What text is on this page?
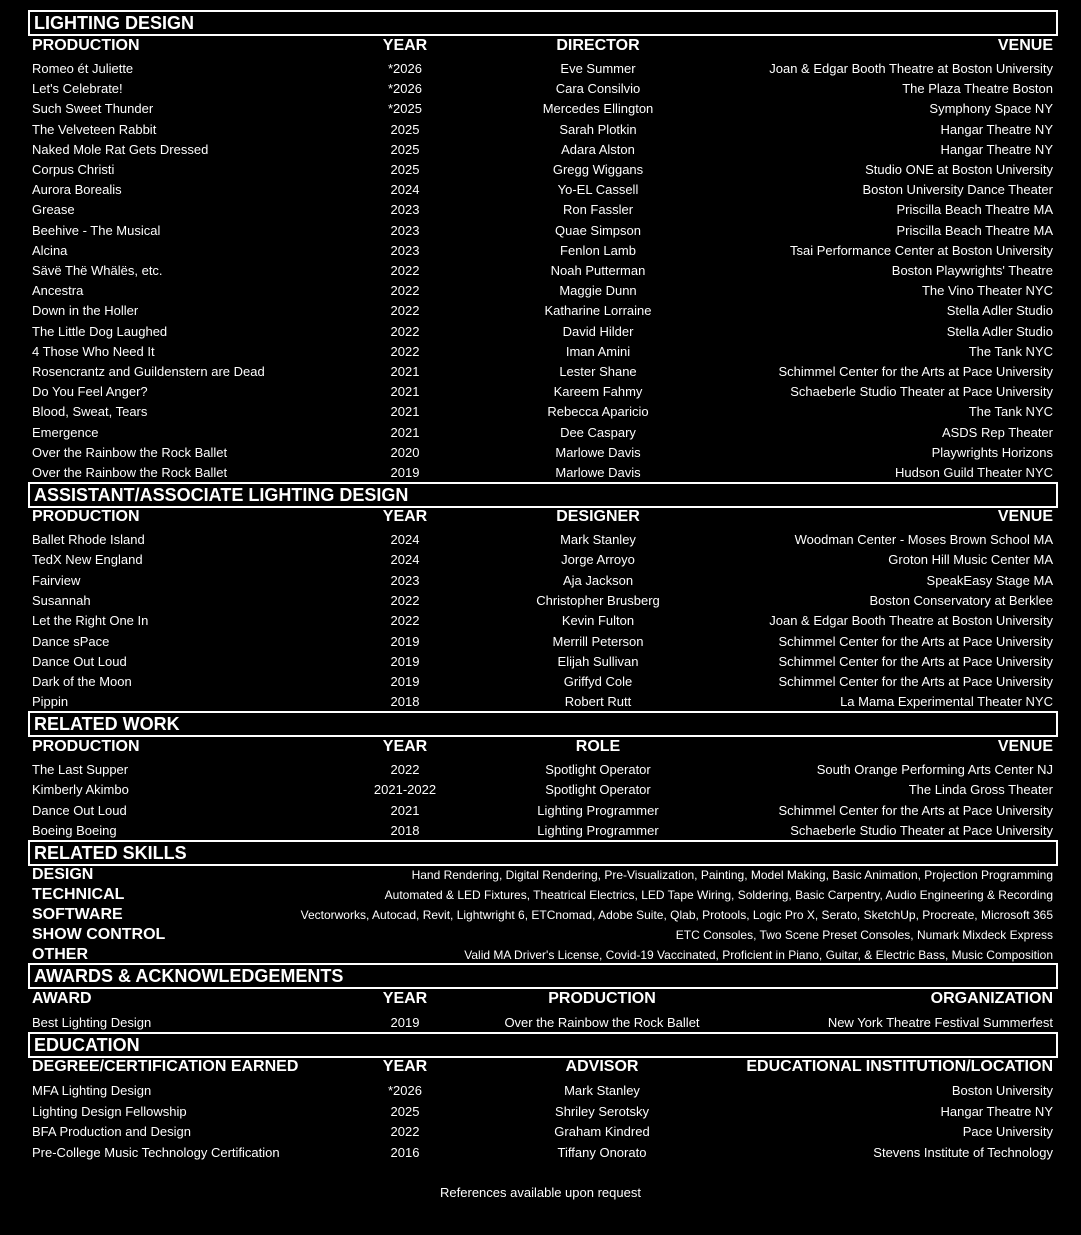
LIGHTING DESIGN
PRODUCTION	YEAR	DIRECTOR	VENUE
Romeo ét Juliette	*2026	Eve Summer	Joan & Edgar Booth Theatre at Boston University
Let's Celebrate!	*2026	Cara Consilvio	The Plaza Theatre Boston
Such Sweet Thunder	*2025	Mercedes Ellington	Symphony Space NY
The Velveteen Rabbit	2025	Sarah Plotkin	Hangar Theatre NY
Naked Mole Rat Gets Dressed	2025	Adara Alston	Hangar Theatre NY
Corpus Christi	2025	Gregg Wiggans	Studio ONE at Boston University
Aurora Borealis	2024	Yo-EL Cassell	Boston University Dance Theater
Grease	2023	Ron Fassler	Priscilla Beach Theatre MA
Beehive - The Musical	2023	Quae Simpson	Priscilla Beach Theatre MA
Alcina	2023	Fenlon Lamb	Tsai Performance Center at Boston University
Sävë Thë Whälës, etc.	2022	Noah Putterman	Boston Playwrights' Theatre
Ancestra	2022	Maggie Dunn	The Vino Theater NYC
Down in the Holler	2022	Katharine Lorraine	Stella Adler Studio
The Little Dog Laughed	2022	David Hilder	Stella Adler Studio
4 Those Who Need It	2022	Iman Amini	The Tank NYC
Rosencrantz and Guildenstern are Dead	2021	Lester Shane	Schimmel Center for the Arts at Pace University
Do You Feel Anger?	2021	Kareem Fahmy	Schaeberle Studio Theater at Pace University
Blood, Sweat, Tears	2021	Rebecca Aparicio	The Tank NYC
Emergence	2021	Dee Caspary	ASDS Rep Theater
Over the Rainbow the Rock Ballet	2020	Marlowe Davis	Playwrights Horizons
Over the Rainbow the Rock Ballet	2019	Marlowe Davis	Hudson Guild Theater NYC
ASSISTANT/ASSOCIATE LIGHTING DESIGN
PRODUCTION	YEAR	DESIGNER	VENUE
Ballet Rhode Island	2024	Mark Stanley	Woodman Center - Moses Brown School MA
TedX New England	2024	Jorge Arroyo	Groton Hill Music Center MA
Fairview	2023	Aja Jackson	SpeakEasy Stage MA
Susannah	2022	Christopher Brusberg	Boston Conservatory at Berklee
Let the Right One In	2022	Kevin Fulton	Joan & Edgar Booth Theatre at Boston University
Dance sPace	2019	Merrill Peterson	Schimmel Center for the Arts at Pace University
Dance Out Loud	2019	Elijah Sullivan	Schimmel Center for the Arts at Pace University
Dark of the Moon	2019	Griffyd Cole	Schimmel Center for the Arts at Pace University
Pippin	2018	Robert Rutt	La Mama Experimental Theater NYC
RELATED WORK
PRODUCTION	YEAR	ROLE	VENUE
The Last Supper	2022	Spotlight Operator	South Orange Performing Arts Center NJ
Kimberly Akimbo	2021-2022	Spotlight Operator	The Linda Gross Theater
Dance Out Loud	2021	Lighting Programmer	Schimmel Center for the Arts at Pace University
Boeing Boeing	2018	Lighting Programmer	Schaeberle Studio Theater at Pace University
RELATED SKILLS
DESIGN	Hand Rendering, Digital Rendering, Pre-Visualization, Painting, Model Making, Basic Animation, Projection Programming
TECHNICAL	Automated & LED Fixtures, Theatrical Electrics, LED Tape Wiring, Soldering, Basic Carpentry, Audio Engineering & Recording
SOFTWARE	Vectorworks, Autocad, Revit, Lightwright 6, ETCnomad, Adobe Suite, Qlab, Protools, Logic Pro X, Serato, SketchUp, Procreate, Microsoft 365
SHOW CONTROL	ETC Consoles, Two Scene Preset Consoles, Numark Mixdeck Express
OTHER	Valid MA Driver's License, Covid-19 Vaccinated, Proficient in Piano, Guitar, & Electric Bass, Music Composition
AWARDS & ACKNOWLEDGEMENTS
AWARD	YEAR	PRODUCTION	ORGANIZATION
Best Lighting Design	2019	Over the Rainbow the Rock Ballet	New York Theatre Festival Summerfest
EDUCATION
DEGREE/CERTIFICATION EARNED	YEAR	ADVISOR	EDUCATIONAL INSTITUTION/LOCATION
MFA Lighting Design	*2026	Mark Stanley	Boston University
Lighting Design Fellowship	2025	Shriley Serotsky	Hangar Theatre NY
BFA Production and Design	2022	Graham Kindred	Pace University
Pre-College Music Technology Certification	2016	Tiffany Onorato	Stevens Institute of Technology
References available upon request
